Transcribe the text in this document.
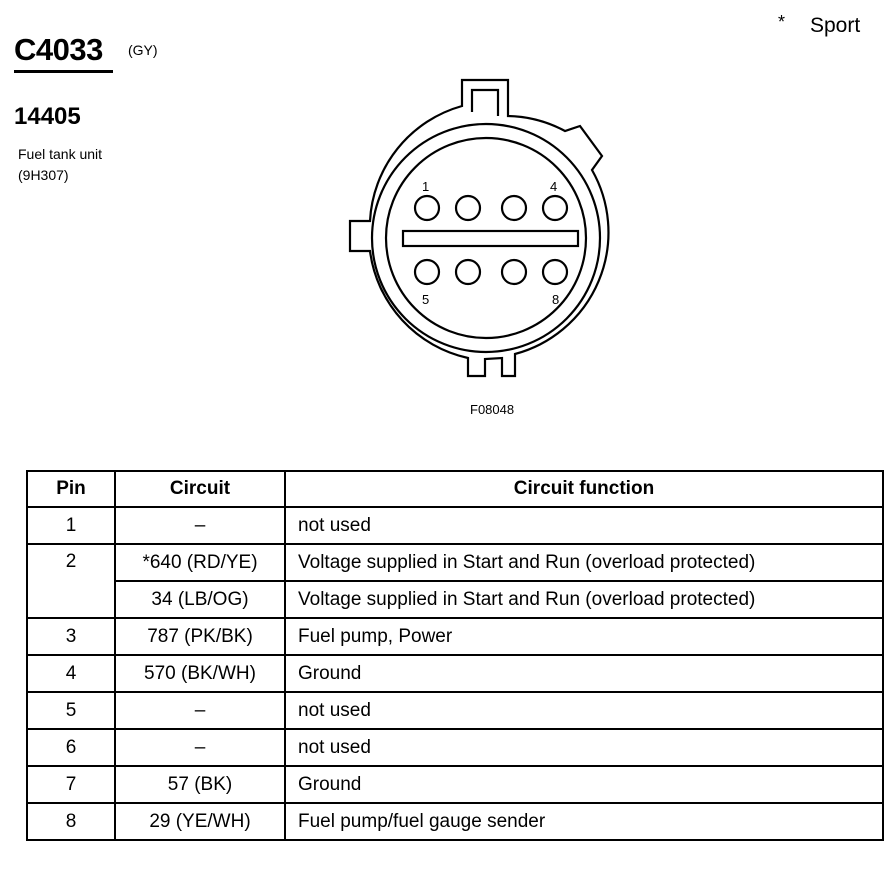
C4033 (GY)
* Sport
14405
Fuel tank unit
(9H307)
1	4
5	8
F08048
Pin	Circuit	Circuit function
1	–	not used
2	*640 (RD/YE)	Voltage supplied in Start and Run (overload protected)
	34 (LB/OG)	Voltage supplied in Start and Run (overload protected)
3	787 (PK/BK)	Fuel pump, Power
4	570 (BK/WH)	Ground
5	–	not used
6	–	not used
7	57 (BK)	Ground
8	29 (YE/WH)	Fuel pump/fuel gauge sender
